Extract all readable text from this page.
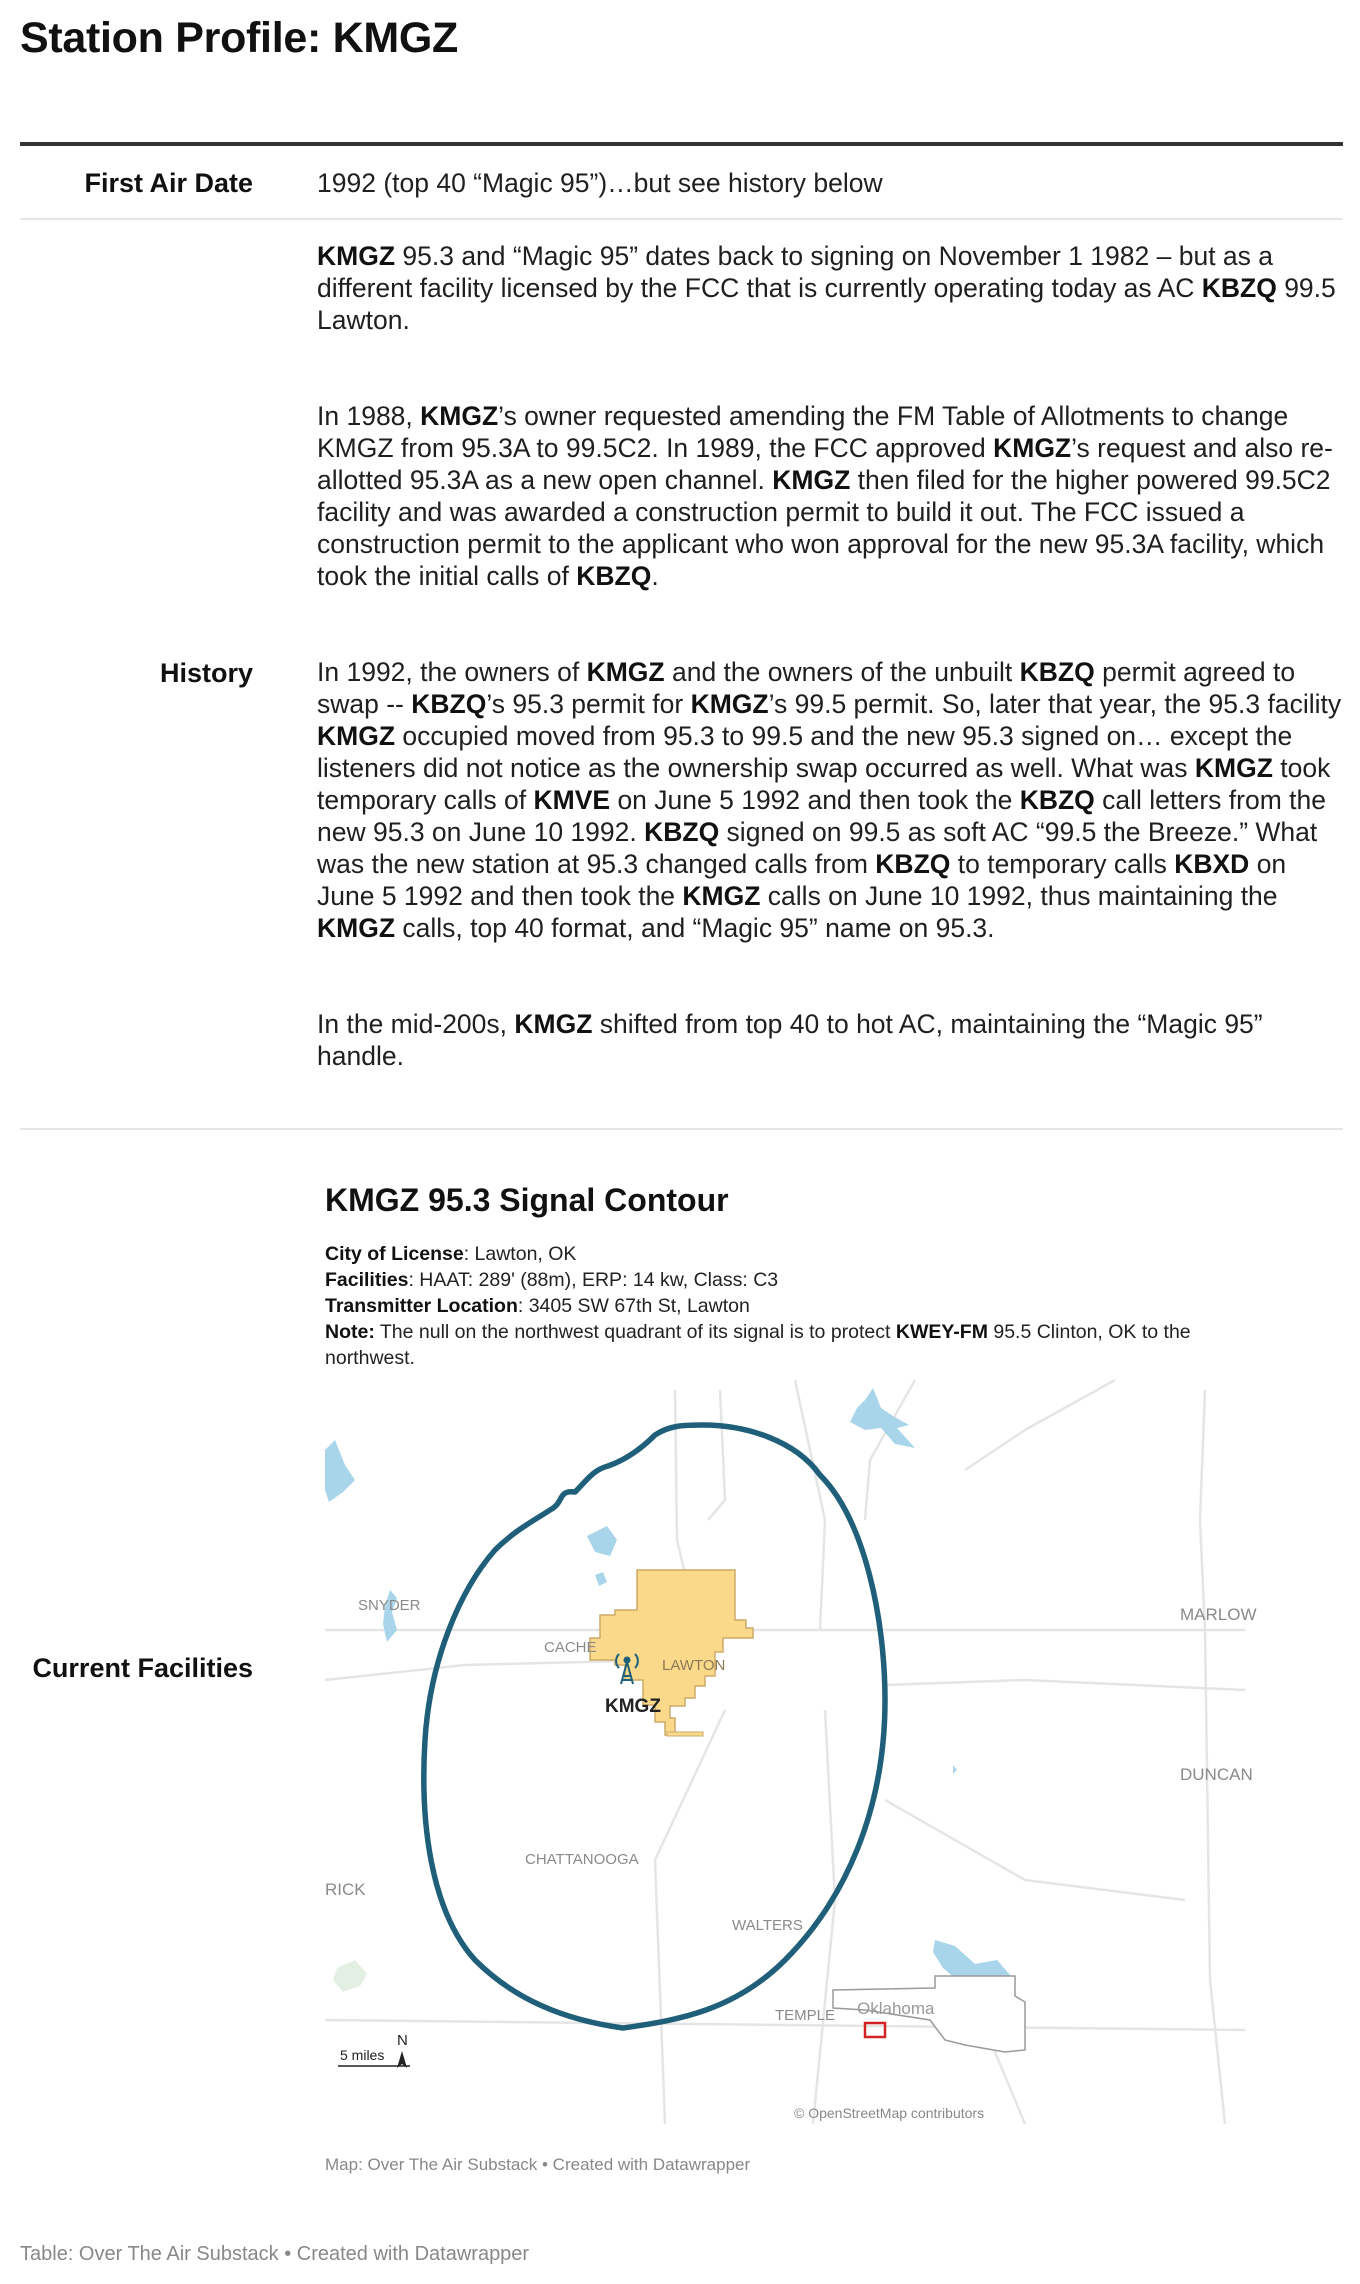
Station Profile: KMGZ
First Air Date 1992 (top 40 “Magic 95”)…but see history below
History

KMGZ 95.3 and “Magic 95” dates back to signing on November 1 1982 – but as a different facility licensed by the FCC that is currently operating today as AC KBZQ 99.5 Lawton.

In 1988, KMGZ’s owner requested amending the FM Table of Allotments to change KMGZ from 95.3A to 99.5C2. In 1989, the FCC approved KMGZ’s request and also re-allotted 95.3A as a new open channel. KMGZ then filed for the higher powered 99.5C2 facility and was awarded a construction permit to build it out. The FCC issued a construction permit to the applicant who won approval for the new 95.3A facility, which took the initial calls of KBZQ.

In 1992, the owners of KMGZ and the owners of the unbuilt KBZQ permit agreed to swap -- KBZQ’s 95.3 permit for KMGZ’s 99.5 permit. So, later that year, the 95.3 facility KMGZ occupied moved from 95.3 to 99.5 and the new 95.3 signed on… except the listeners did not notice as the ownership swap occurred as well. What was KMGZ took temporary calls of KMVE on June 5 1992 and then took the KBZQ call letters from the new 95.3 on June 10 1992. KBZQ signed on 99.5 as soft AC “99.5 the Breeze.” What was the new station at 95.3 changed calls from KBZQ to temporary calls KBXD on June 5 1992 and then took the KMGZ calls on June 10 1992, thus maintaining the KMGZ calls, top 40 format, and “Magic 95” name on 95.3.

In the mid-200s, KMGZ shifted from top 40 to hot AC, maintaining the “Magic 95” handle.

Current Facilities
KMGZ 95.3 Signal Contour
City of License: Lawton, OK
Facilities: HAAT: 289' (88m), ERP: 14 kw, Class: C3
Transmitter Location: 3405 SW 67th St, Lawton
Note: The null on the northwest quadrant of its signal is to protect KWEY-FM 95.5 Clinton, OK to the northwest.
SNYDER
CACHE
LAWTON
MARLOW
DUNCAN
CHATTANOOGA
WALTERS
RICK
TEMPLE
KMGZ
5 miles
N
Oklahoma
© OpenStreetMap contributors
Map: Over The Air Substack • Created with Datawrapper
Table: Over The Air Substack • Created with Datawrapper
